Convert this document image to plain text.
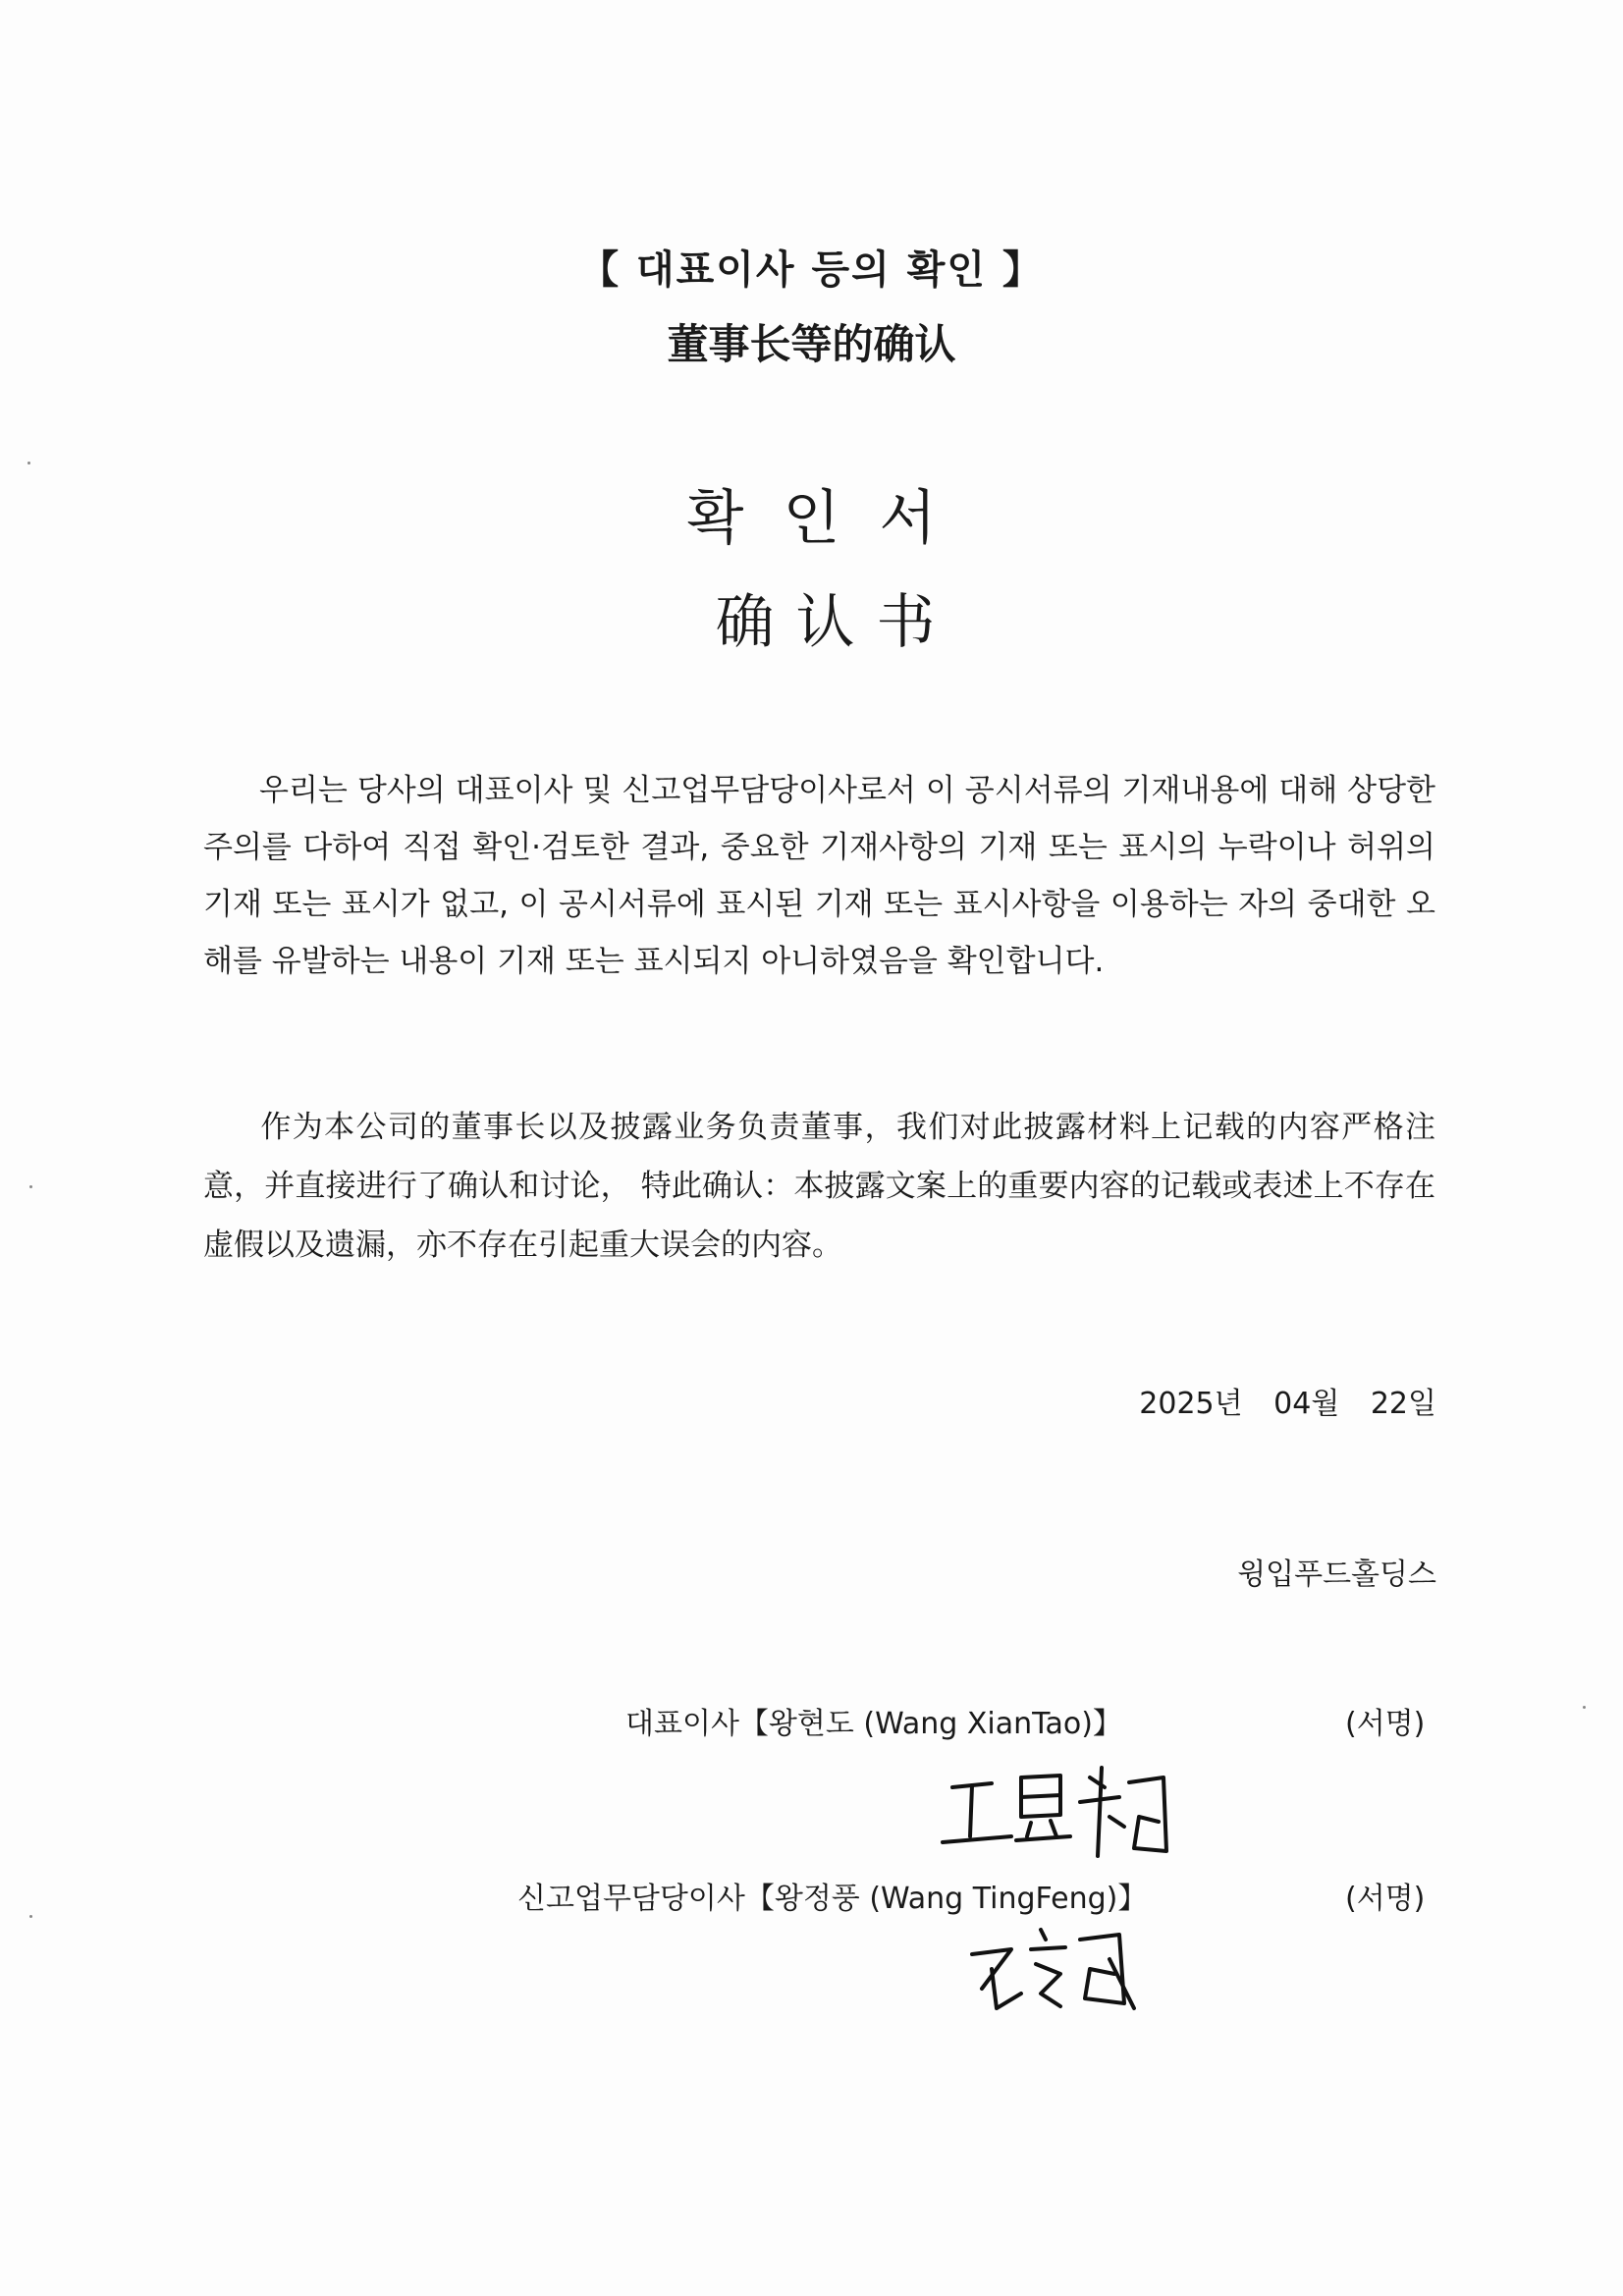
【 대표이사 등의 확인 】
董事长等的确认
확인서
确认书
우리는 당사의 대표이사 및 신고업무담당이사로서 이 공시서류의 기재내용에 대해 상당한 주의를 다하여 직접 확인·검토한 결과, 중요한 기재사항의 기재 또는 표시의 누락이나 허위의 기재 또는 표시가 없고, 이 공시서류에 표시된 기재 또는 표시사항을 이용하는 자의 중대한 오해를 유발하는 내용이 기재 또는 표시되지 아니하였음을 확인합니다.
作为本公司的董事长以及披露业务负责董事，我们对此披露材料上记载的内容严格注意，并直接进行了确认和讨论， 特此确认：本披露文案上的重要内容的记载或表述上不存在虚假以及遗漏，亦不存在引起重大误会的内容。
2025년 04월 22일
윙입푸드홀딩스
대표이사【왕현도 (Wang XianTao)】	(서명)
신고업무담당이사【왕정풍 (Wang TingFeng)】	(서명)
